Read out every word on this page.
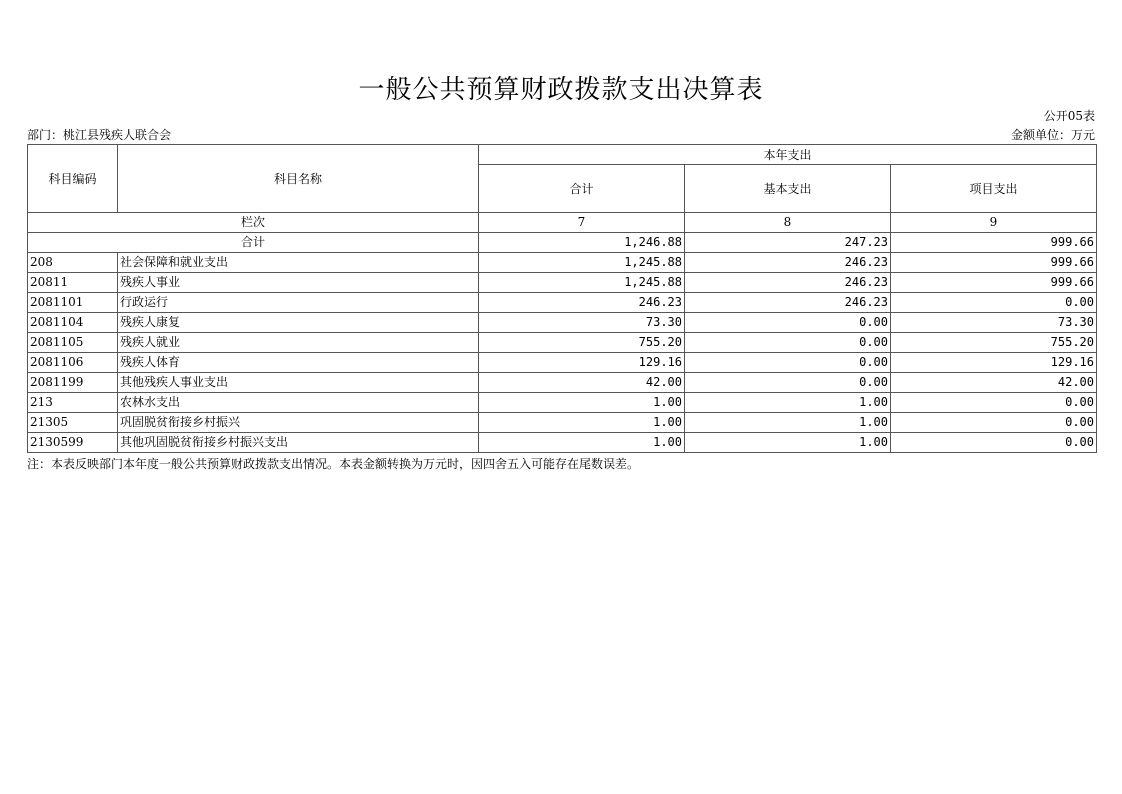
一般公共预算财政拨款支出决算表
公开05表
部门：桃江县残疾人联合会	金额单位：万元
科目编码	科目名称	本年支出		
		合计	基本支出	项目支出
栏次		7	8	9
合计		1,246.88	247.23	999.66
208	社会保障和就业支出	1,245.88	246.23	999.66
20811	残疾人事业	1,245.88	246.23	999.66
2081101	行政运行	246.23	246.23	0.00
2081104	残疾人康复	73.30	0.00	73.30
2081105	残疾人就业	755.20	0.00	755.20
2081106	残疾人体育	129.16	0.00	129.16
2081199	其他残疾人事业支出	42.00	0.00	42.00
213	农林水支出	1.00	1.00	0.00
21305	巩固脱贫衔接乡村振兴	1.00	1.00	0.00
2130599	其他巩固脱贫衔接乡村振兴支出	1.00	1.00	0.00
注：本表反映部门本年度一般公共预算财政拨款支出情况。本表金额转换为万元时，因四舍五入可能存在尾数误差。
